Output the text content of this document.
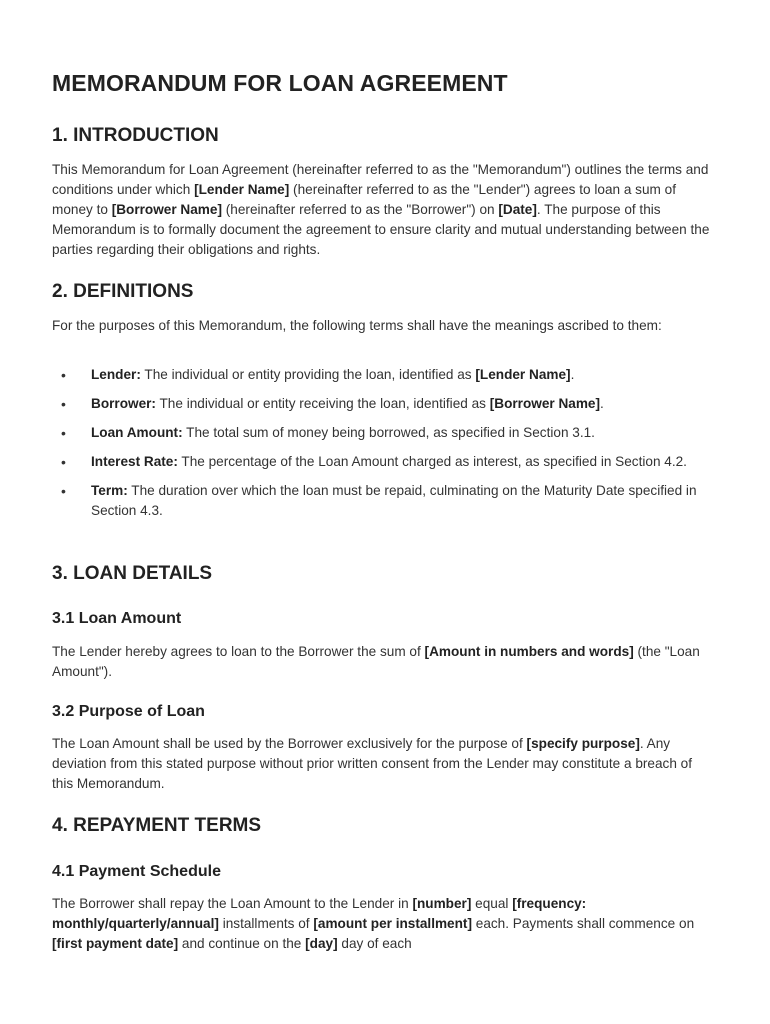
MEMORANDUM FOR LOAN AGREEMENT
1. INTRODUCTION

This Memorandum for Loan Agreement (hereinafter referred to as the "Memorandum") outlines the terms and conditions under which [Lender Name] (hereinafter referred to as the "Lender") agrees to loan a sum of money to [Borrower Name] (hereinafter referred to as the "Borrower") on [Date]. The purpose of this Memorandum is to formally document the agreement to ensure clarity and mutual understanding between the parties regarding their obligations and rights.

2. DEFINITIONS

For the purposes of this Memorandum, the following terms shall have the meanings ascribed to them:

• Lender: The individual or entity providing the loan, identified as [Lender Name].
• Borrower: The individual or entity receiving the loan, identified as [Borrower Name].
• Loan Amount: The total sum of money being borrowed, as specified in Section 3.1.
• Interest Rate: The percentage of the Loan Amount charged as interest, as specified in Section 4.2.
• Term: The duration over which the loan must be repaid, culminating on the Maturity Date specified in Section 4.3.
3. LOAN DETAILS
3.1 Loan Amount

The Lender hereby agrees to loan to the Borrower the sum of [Amount in numbers and words] (the "Loan Amount").

3.2 Purpose of Loan

The Loan Amount shall be used by the Borrower exclusively for the purpose of [specify purpose]. Any deviation from this stated purpose without prior written consent from the Lender may constitute a breach of this Memorandum.

4. REPAYMENT TERMS
4.1 Payment Schedule

The Borrower shall repay the Loan Amount to the Lender in [number] equal [frequency: monthly/quarterly/annual] installments of [amount per installment] each. Payments shall commence on [first payment date] and continue on the [day] day of each
